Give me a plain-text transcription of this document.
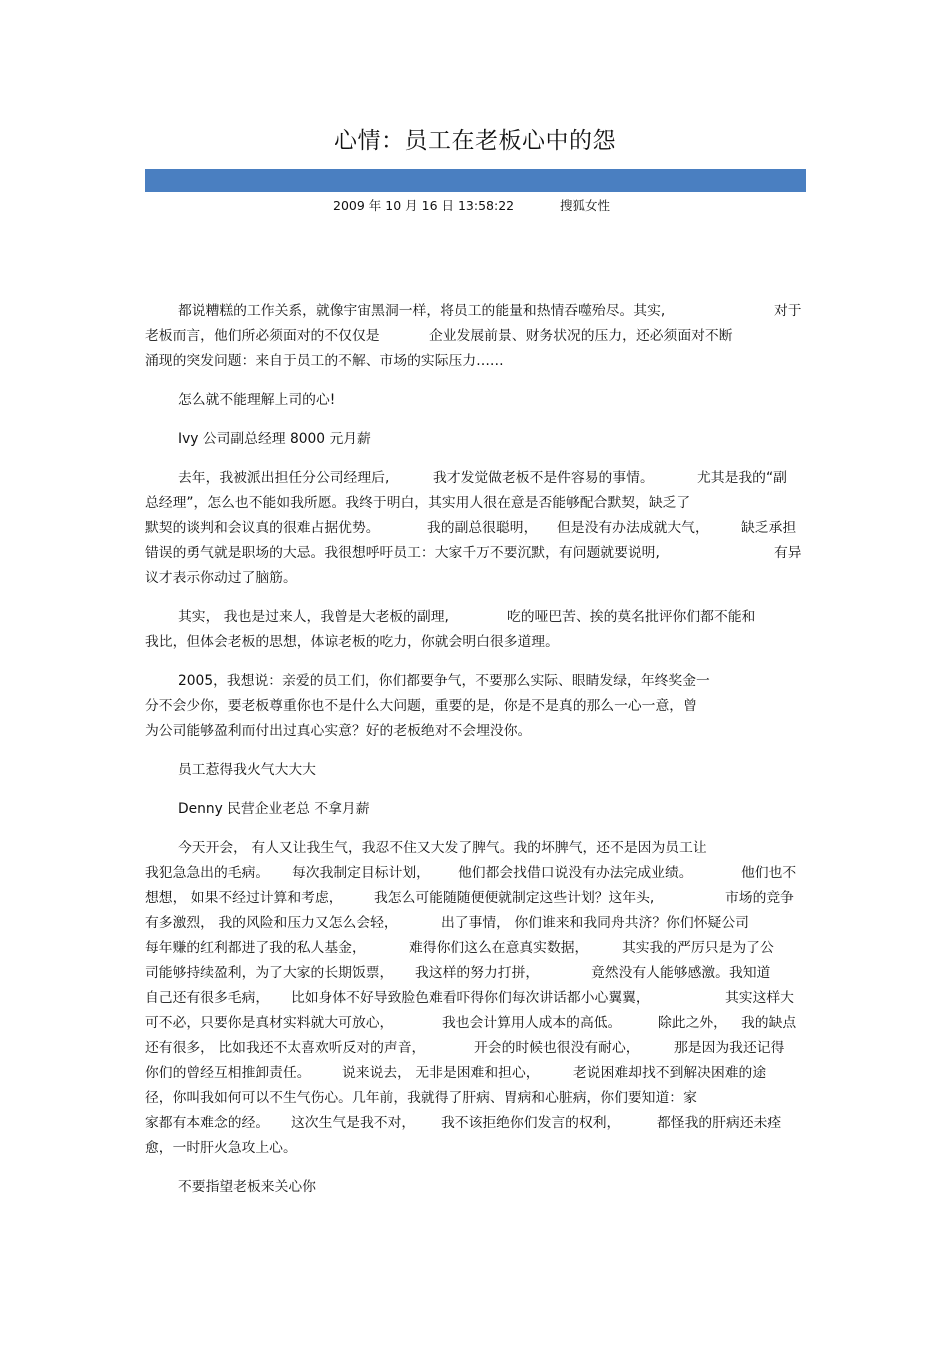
心情：员工在老板心中的怨
2009 年 10 月 16 日 13:58:22	搜狐女性
都说糟糕的工作关系，就像宇宙黑洞一样，将员工的能量和热情吞噬殆尽。其实,	对于
老板而言，他们所必须面对的不仅仅是	企业发展前景、财务状况的压力，还必须面对不断
涌现的突发问题：来自于员工的不解、市场的实际压力……
怎么就不能理解上司的心!
Ivy 公司副总经理 8000 元月薪
去年，我被派出担任分公司经理后,	我才发觉做老板不是件容易的事情。	尤其是我的“副
总经理”，怎么也不能如我所愿。我终于明白，其实用人很在意是否能够配合默契，缺乏了
默契的谈判和会议真的很难占据优势。	我的副总很聪明， 但是没有办法成就大气， 缺乏承担
错误的勇气就是职场的大忌。我很想呼吁员工：大家千万不要沉默，有问题就要说明,	有异
议才表示你动过了脑筋。
其实， 我也是过来人，我曾是大老板的副理,	吃的哑巴苦、挨的莫名批评你们都不能和
我比，但体会老板的思想，体谅老板的吃力，你就会明白很多道理。
2005，我想说：亲爱的员工们，你们都要争气，不要那么实际、眼睛发绿，年终奖金一
分不会少你，要老板尊重你也不是什么大问题，重要的是，你是不是真的那么一心一意，曾
为公司能够盈利而付出过真心实意？好的老板绝对不会埋没你。
员工惹得我火气大大大
Denny 民营企业老总 不拿月薪
今天开会， 有人又让我生气，我忍不住又大发了脾气。我的坏脾气，还不是因为员工让
我犯急急出的毛病。 每次我制定目标计划， 他们都会找借口说没有办法完成业绩。	他们也不
想想， 如果不经过计算和考虑， 我怎么可能随随便便就制定这些计划？这年头,	市场的竞争
有多激烈， 我的风险和压力又怎么会轻，	出了事情， 你们谁来和我同舟共济？你们怀疑公司
每年赚的红利都进了我的私人基金，	难得你们这么在意真实数据， 其实我的严厉只是为了公
司能够持续盈利，为了大家的长期饭票， 我这样的努力打拼，	竟然没有人能够感激。我知道
自己还有很多毛病， 比如身体不好导致脸色难看吓得你们每次讲话都小心翼翼，	其实这样大
可不必，只要你是真材实料就大可放心，	我也会计算用人成本的高低。	除此之外， 我的缺点
还有很多， 比如我还不太喜欢听反对的声音，	开会的时候也很没有耐心， 那是因为我还记得
你们的曾经互相推卸责任。 说来说去， 无非是困难和担心， 老说困难却找不到解决困难的途
径，你叫我如何可以不生气伤心。几年前，我就得了肝病、胃病和心脏病，你们要知道：家
家都有本难念的经。 这次生气是我不对， 我不该拒绝你们发言的权利，	都怪我的肝病还未痊
愈，一时肝火急攻上心。
不要指望老板来关心你
